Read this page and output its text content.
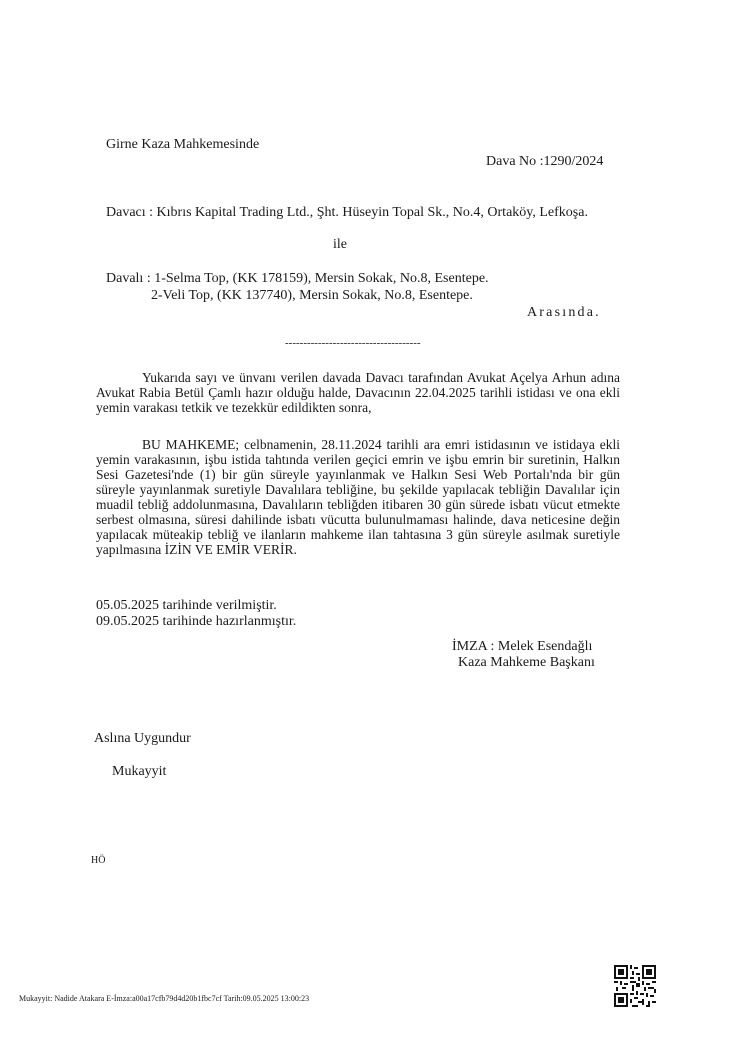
Girne Kaza Mahkemesinde
Dava No :1290/2024
Davacı : Kıbrıs Kapital Trading Ltd., Şht. Hüseyin Topal Sk., No.4, Ortaköy, Lefkoşa.
ile
Davalı : 1-Selma Top, (KK 178159), Mersin Sokak, No.8, Esentepe.
2-Veli Top, (KK 137740), Mersin Sokak, No.8, Esentepe.
Arasında.
-------------------------------------

Yukarıda sayı ve ünvanı verilen davada Davacı tarafından Avukat Açelya Arhun adına Avukat Rabia Betül Çamlı hazır olduğu halde, Davacının 22.04.2025 tarihli istidası ve ona ekli yemin varakası tetkik ve tezekkür edildikten sonra,

BU MAHKEME; celbnamenin, 28.11.2024 tarihli ara emri istidasının ve istidaya ekli yemin varakasının, işbu istida tahtında verilen geçici emrin ve işbu emrin bir suretinin, Halkın Sesi Gazetesi'nde (1) bir gün süreyle yayınlanmak ve Halkın Sesi Web Portalı'nda bir gün süreyle yayınlanmak suretiyle Davalılara tebliğine, bu şekilde yapılacak tebliğin Davalılar için muadil tebliğ addolunmasına, Davalıların tebliğden itibaren 30 gün sürede isbatı vücut etmekte serbest olmasına, süresi dahilinde isbatı vücutta bulunulmaması halinde, dava neticesine değin yapılacak müteakip tebliğ ve ilanların mahkeme ilan tahtasına 3 gün süreyle asılmak suretiyle yapılmasına İZİN VE EMİR VERİR.

05.05.2025 tarihinde verilmiştir.
09.05.2025 tarihinde hazırlanmıştır.
İMZA : Melek Esendağlı
Kaza Mahkeme Başkanı
Aslına Uygundur
Mukayyit
HÖ
Mukayyit: Nadide Atakara E-İmza:a00a17cfb79d4d20b1fbc7cf Tarih:09.05.2025 13:00:23
